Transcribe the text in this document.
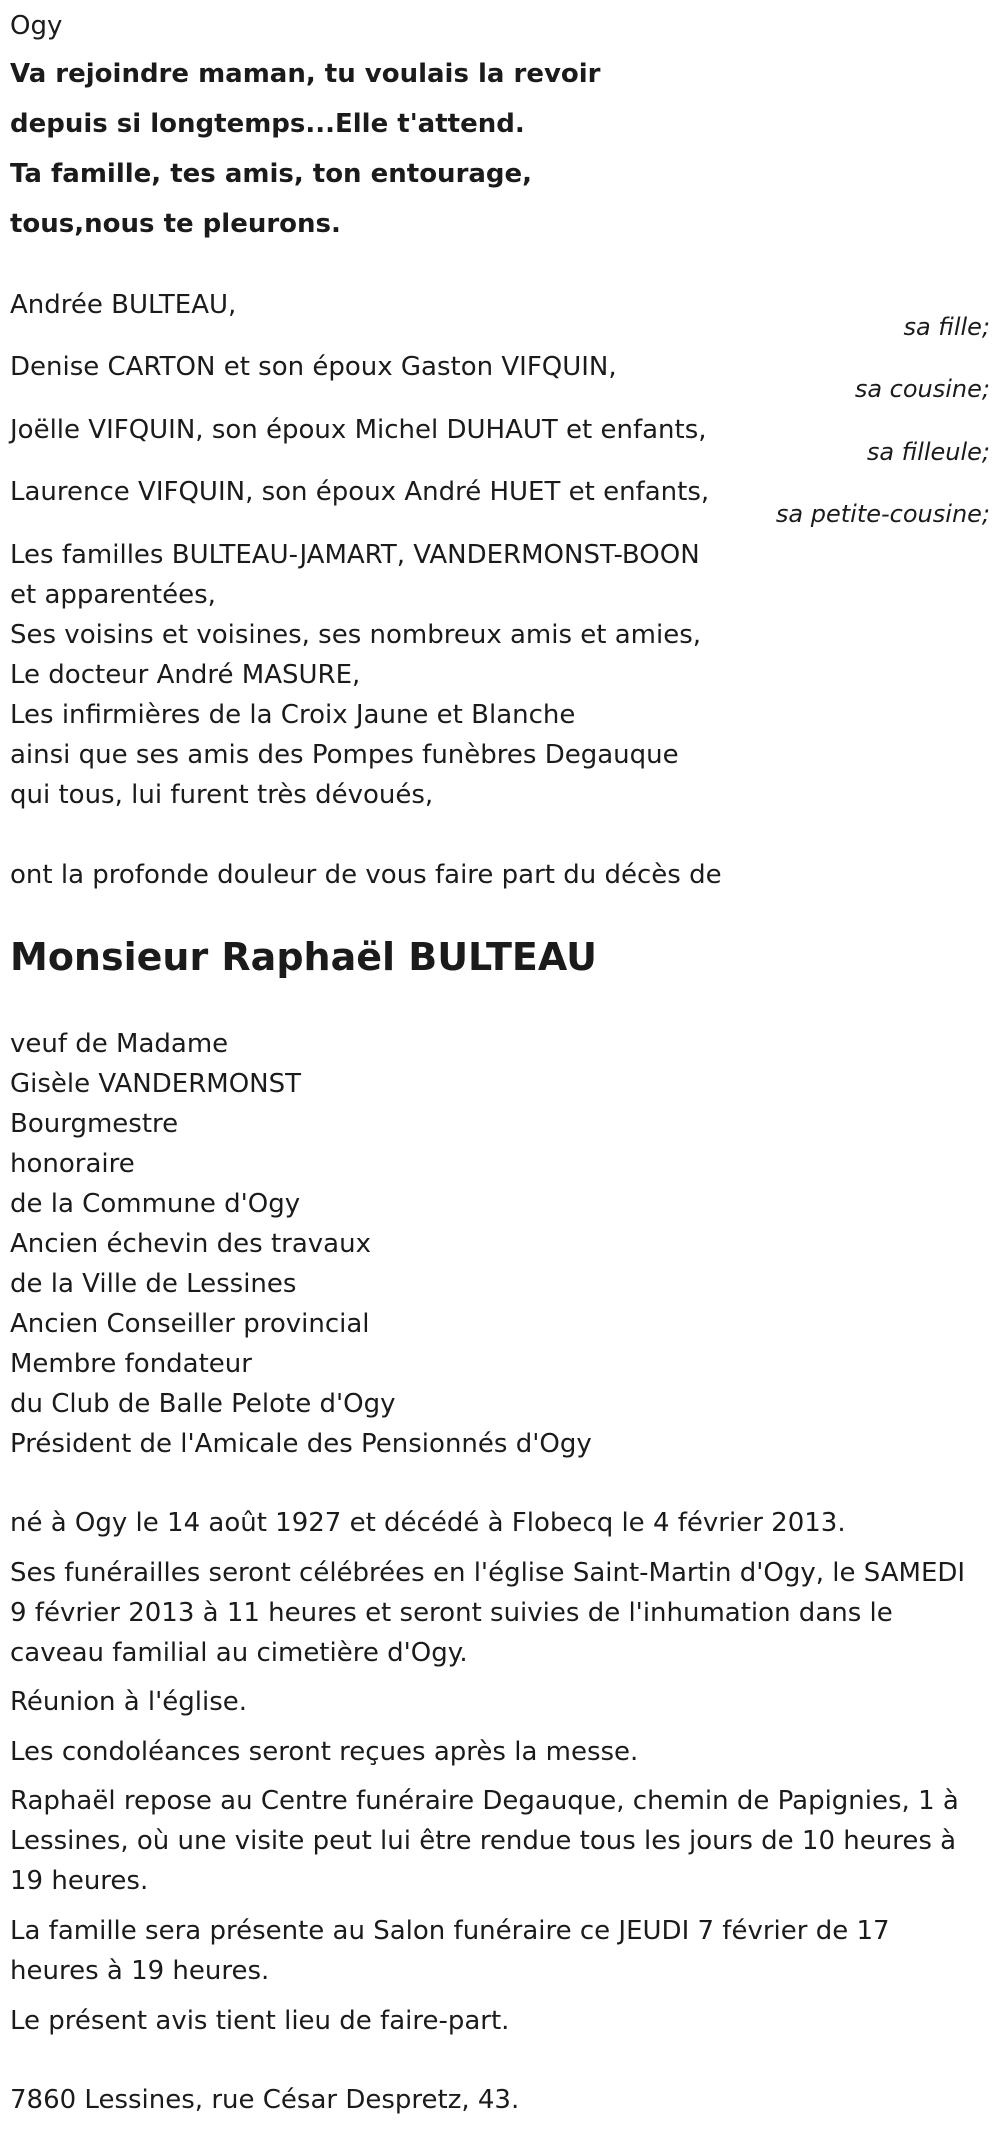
Ogy

Va rejoindre maman, tu voulais la revoir

depuis si longtemps...Elle t'attend.

Ta famille, tes amis, ton entourage,

tous,nous te pleurons.

Andrée BULTEAU,

sa fille;

Denise CARTON et son époux Gaston VIFQUIN,

sa cousine;

Joëlle VIFQUIN, son époux Michel DUHAUT et enfants,

sa filleule;

Laurence VIFQUIN, son époux André HUET et enfants,

sa petite-cousine;

Les familles BULTEAU-JAMART, VANDERMONST-BOON

et apparentées,

Ses voisins et voisines, ses nombreux amis et amies,

Le docteur André MASURE,

Les infirmières de la Croix Jaune et Blanche

ainsi que ses amis des Pompes funèbres Degauque

qui tous, lui furent très dévoués,

ont la profonde douleur de vous faire part du décès de

Monsieur Raphaël BULTEAU

veuf de Madame

Gisèle VANDERMONST

Bourgmestre

honoraire

de la Commune d'Ogy

Ancien échevin des travaux

de la Ville de Lessines

Ancien Conseiller provincial

Membre fondateur

du Club de Balle Pelote d'Ogy

Président de l'Amicale des Pensionnés d'Ogy

né à Ogy le 14 août 1927 et décédé à Flobecq le 4 février 2013.

Ses funérailles seront célébrées en l'église Saint-Martin d'Ogy, le SAMEDI

9 février 2013 à 11 heures et seront suivies de l'inhumation dans le

caveau familial au cimetière d'Ogy.

Réunion à l'église.

Les condoléances seront reçues après la messe.

Raphaël repose au Centre funéraire Degauque, chemin de Papignies, 1 à

Lessines, où une visite peut lui être rendue tous les jours de 10 heures à

19 heures.

La famille sera présente au Salon funéraire ce JEUDI 7 février de 17

heures à 19 heures.

Le présent avis tient lieu de faire-part.

7860 Lessines, rue César Despretz, 43.
